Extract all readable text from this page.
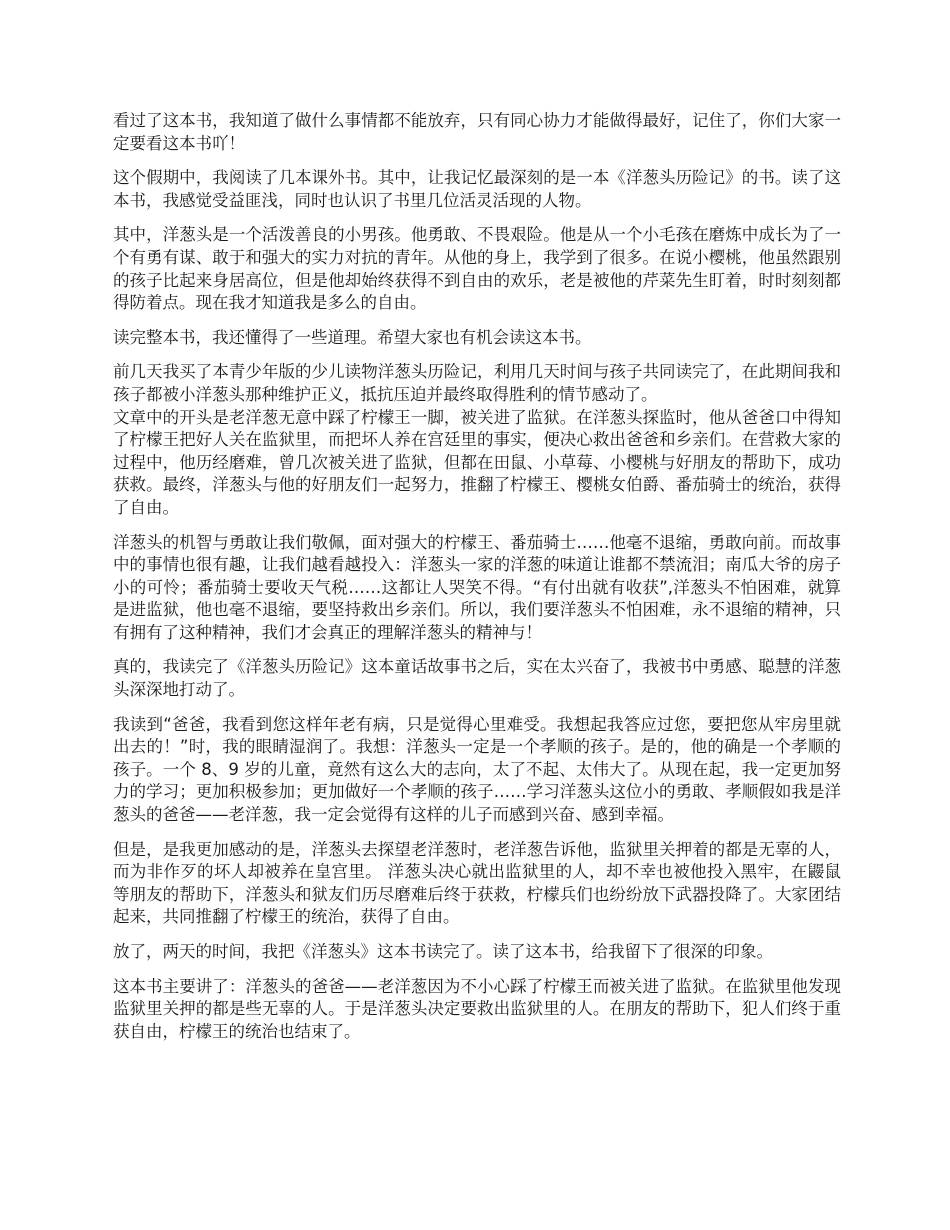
看过了这本书，我知道了做什么事情都不能放弃，只有同心协力才能做得最好，记住了，你们大家一定要看这本书吖！

这个假期中，我阅读了几本课外书。其中，让我记忆最深刻的是一本《洋葱头历险记》的书。读了这本书，我感觉受益匪浅，同时也认识了书里几位活灵活现的人物。

其中，洋葱头是一个活泼善良的小男孩。他勇敢、不畏艰险。他是从一个小毛孩在磨炼中成长为了一个有勇有谋、敢于和强大的实力对抗的青年。从他的身上，我学到了很多。在说小樱桃，他虽然跟别的孩子比起来身居高位，但是他却始终获得不到自由的欢乐，老是被他的芹菜先生盯着，时时刻刻都得防着点。现在我才知道我是多么的自由。

读完整本书，我还懂得了一些道理。希望大家也有机会读这本书。

前几天我买了本青少年版的少儿读物洋葱头历险记，利用几天时间与孩子共同读完了，在此期间我和孩子都被小洋葱头那种维护正义，抵抗压迫并最终取得胜利的情节感动了。

文章中的开头是老洋葱无意中踩了柠檬王一脚，被关进了监狱。在洋葱头探监时，他从爸爸口中得知了柠檬王把好人关在监狱里，而把坏人养在宫廷里的事实，便决心救出爸爸和乡亲们。在营救大家的过程中，他历经磨难，曾几次被关进了监狱，但都在田鼠、小草莓、小樱桃与好朋友的帮助下，成功获救。最终，洋葱头与他的好朋友们一起努力，推翻了柠檬王、樱桃女伯爵、番茄骑士的统治，获得了自由。

洋葱头的机智与勇敢让我们敬佩，面对强大的柠檬王、番茄骑士……他毫不退缩，勇敢向前。而故事中的事情也很有趣，让我们越看越投入：洋葱头一家的洋葱的味道让谁都不禁流泪；南瓜大爷的房子小的可怜；番茄骑士要收天气税……这都让人哭笑不得。“有付出就有收获”,洋葱头不怕困难，就算是进监狱，他也毫不退缩，要坚持救出乡亲们。所以，我们要洋葱头不怕困难，永不退缩的精神，只有拥有了这种精神，我们才会真正的理解洋葱头的精神与！

真的，我读完了《洋葱头历险记》这本童话故事书之后，实在太兴奋了，我被书中勇感、聪慧的洋葱头深深地打动了。

我读到“爸爸，我看到您这样年老有病，只是觉得心里难受。我想起我答应过您，要把您从牢房里就出去的！”时，我的眼睛湿润了。我想：洋葱头一定是一个孝顺的孩子。是的，他的确是一个孝顺的孩子。一个 8、9 岁的儿童，竟然有这么大的志向，太了不起、太伟大了。从现在起，我一定更加努力的学习；更加积极参加；更加做好一个孝顺的孩子……学习洋葱头这位小的勇敢、孝顺假如我是洋葱头的爸爸——老洋葱，我一定会觉得有这样的儿子而感到兴奋、感到幸福。

但是，是我更加感动的是，洋葱头去探望老洋葱时，老洋葱告诉他，监狱里关押着的都是无辜的人，而为非作歹的坏人却被养在皇宫里。 洋葱头决心就出监狱里的人，却不幸也被他投入黑牢，在鼹鼠等朋友的帮助下，洋葱头和狱友们历尽磨难后终于获救，柠檬兵们也纷纷放下武器投降了。大家团结起来，共同推翻了柠檬王的统治，获得了自由。

放了，两天的时间，我把《洋葱头》这本书读完了。读了这本书，给我留下了很深的印象。

这本书主要讲了：洋葱头的爸爸——老洋葱因为不小心踩了柠檬王而被关进了监狱。在监狱里他发现监狱里关押的都是些无辜的人。于是洋葱头决定要救出监狱里的人。在朋友的帮助下，犯人们终于重获自由，柠檬王的统治也结束了。
